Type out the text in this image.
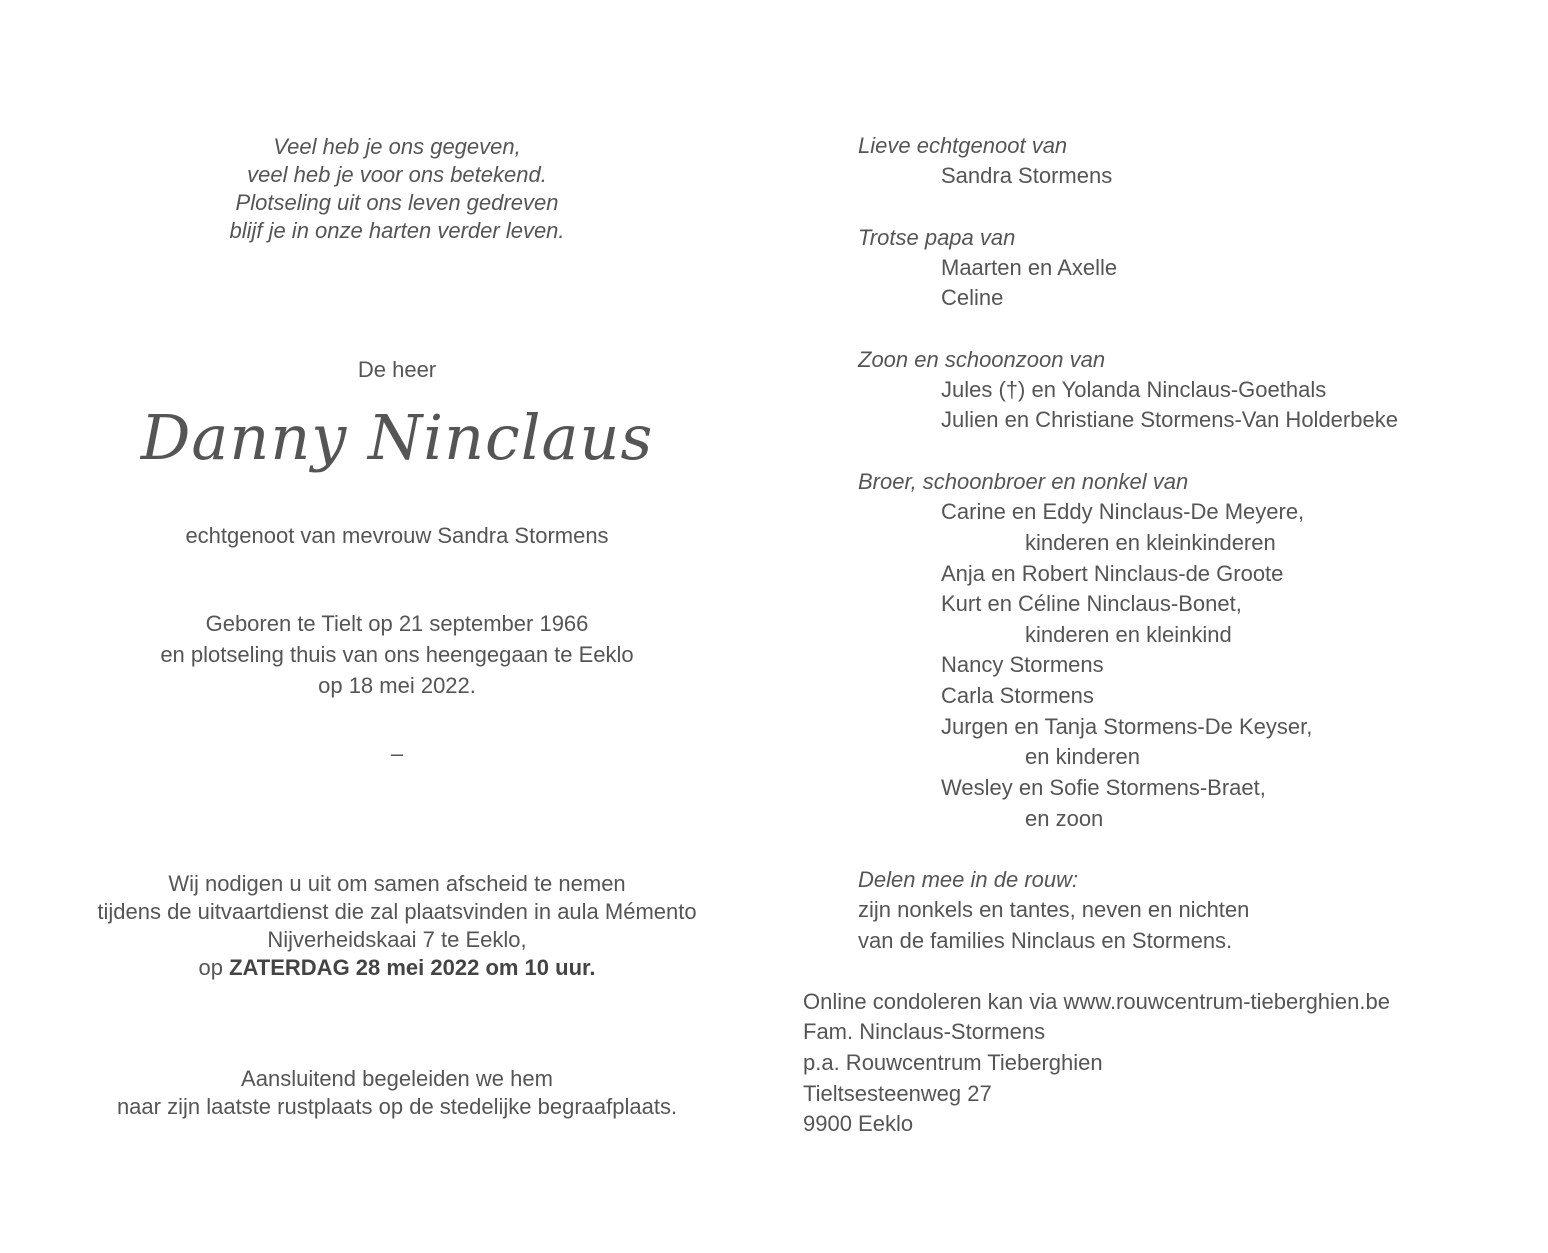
Veel heb je ons gegeven,
veel heb je voor ons betekend.
Plotseling uit ons leven gedreven
blijf je in onze harten verder leven.
De heer
Danny Ninclaus
echtgenoot van mevrouw Sandra Stormens
Geboren te Tielt op 21 september 1966
en plotseling thuis van ons heengegaan te Eeklo
op 18 mei 2022.
–
Wij nodigen u uit om samen afscheid te nemen
tijdens de uitvaartdienst die zal plaatsvinden in aula Mémento
Nijverheidskaai 7 te Eeklo,
op ZATERDAG 28 mei 2022 om 10 uur.
Aansluitend begeleiden we hem
naar zijn laatste rustplaats op de stedelijke begraafplaats.
Lieve echtgenoot van
Sandra Stormens
Trotse papa van
Maarten en Axelle
Celine
Zoon en schoonzoon van
Jules (†) en Yolanda Ninclaus-Goethals
Julien en Christiane Stormens-Van Holderbeke
Broer, schoonbroer en nonkel van
Carine en Eddy Ninclaus-De Meyere,
kinderen en kleinkinderen
Anja en Robert Ninclaus-de Groote
Kurt en Céline Ninclaus-Bonet,
kinderen en kleinkind
Nancy Stormens
Carla Stormens
Jurgen en Tanja Stormens-De Keyser,
en kinderen
Wesley en Sofie Stormens-Braet,
en zoon
Delen mee in de rouw:
zijn nonkels en tantes, neven en nichten
van de families Ninclaus en Stormens.
Online condoleren kan via www.rouwcentrum-tieberghien.be
Fam. Ninclaus-Stormens
p.a. Rouwcentrum Tieberghien
Tieltsesteenweg 27
9900 Eeklo
